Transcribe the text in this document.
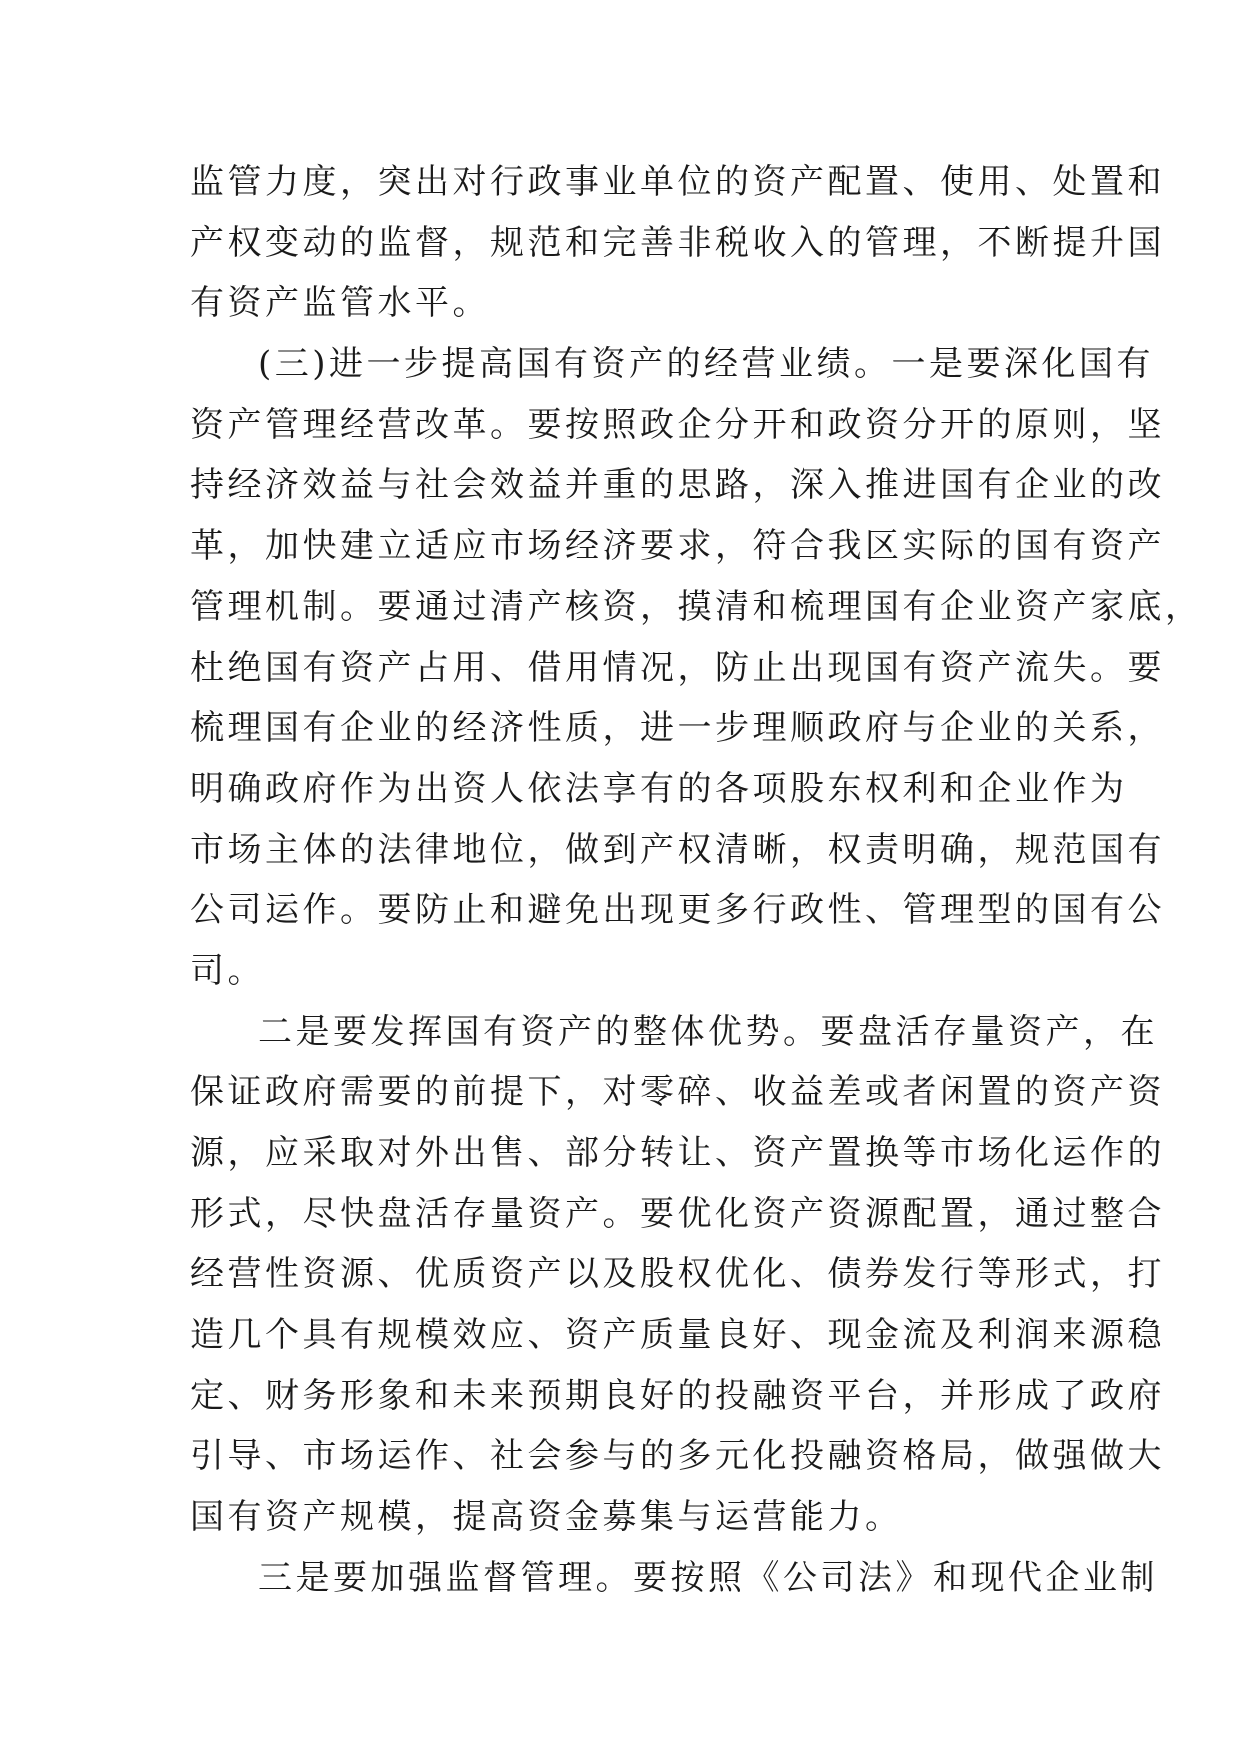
监管力度，突出对行政事业单位的资产配置、使用、处置和
产权变动的监督，规范和完善非税收入的管理，不断提升国
有资产监管水平。
(三)进一步提高国有资产的经营业绩。一是要深化国有
资产管理经营改革。要按照政企分开和政资分开的原则，坚
持经济效益与社会效益并重的思路，深入推进国有企业的改
革，加快建立适应市场经济要求，符合我区实际的国有资产
管理机制。要通过清产核资，摸清和梳理国有企业资产家底，
杜绝国有资产占用、借用情况，防止出现国有资产流失。要
梳理国有企业的经济性质，进一步理顺政府与企业的关系，
明确政府作为出资人依法享有的各项股东权利和企业作为
市场主体的法律地位，做到产权清晰，权责明确，规范国有
公司运作。要防止和避免出现更多行政性、管理型的国有公
司。
二是要发挥国有资产的整体优势。要盘活存量资产，在
保证政府需要的前提下，对零碎、收益差或者闲置的资产资
源，应采取对外出售、部分转让、资产置换等市场化运作的
形式，尽快盘活存量资产。要优化资产资源配置，通过整合
经营性资源、优质资产以及股权优化、债券发行等形式，打
造几个具有规模效应、资产质量良好、现金流及利润来源稳
定、财务形象和未来预期良好的投融资平台，并形成了政府
引导、市场运作、社会参与的多元化投融资格局，做强做大
国有资产规模，提高资金募集与运营能力。
三是要加强监督管理。要按照《公司法》和现代企业制
